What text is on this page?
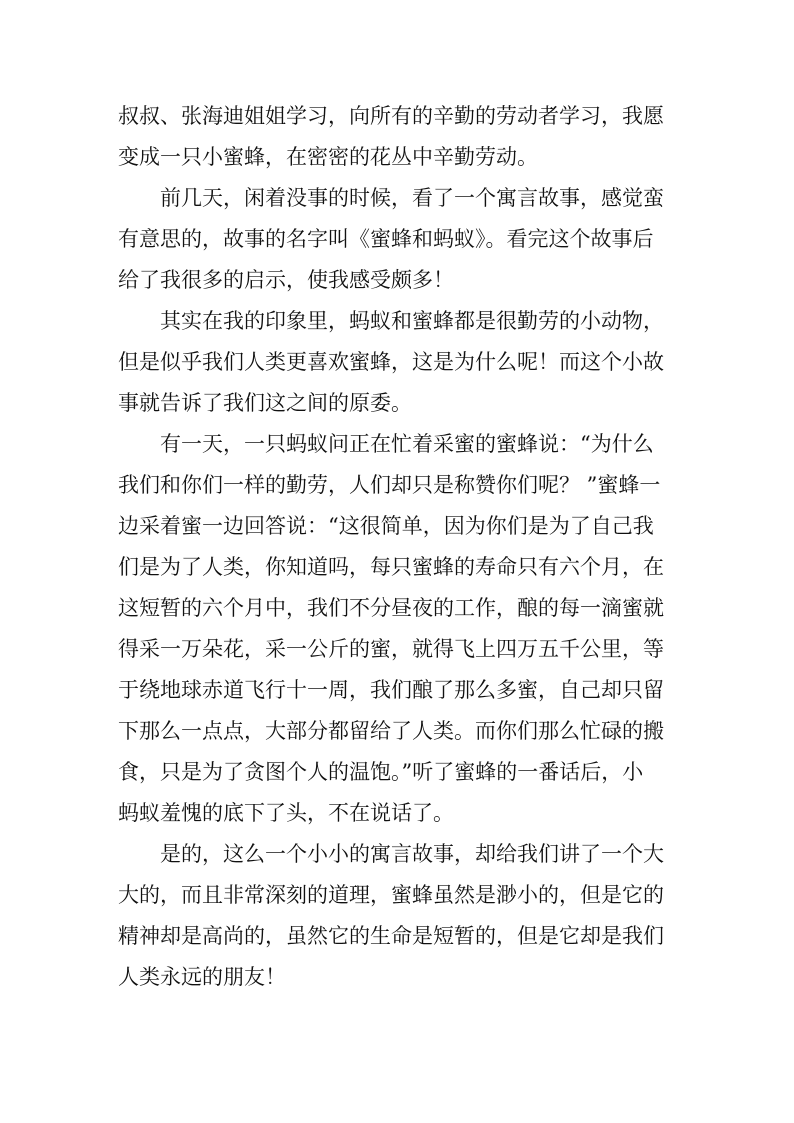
叔叔、张海迪姐姐学习，向所有的辛勤的劳动者学习，我愿
变成一只小蜜蜂，在密密的花丛中辛勤劳动。
前几天，闲着没事的时候，看了一个寓言故事，感觉蛮
有意思的，故事的名字叫《蜜蜂和蚂蚁》。看完这个故事后
给了我很多的启示，使我感受颇多！
其实在我的印象里，蚂蚁和蜜蜂都是很勤劳的小动物，
但是似乎我们人类更喜欢蜜蜂，这是为什么呢！而这个小故
事就告诉了我们这之间的原委。
有一天，一只蚂蚁问正在忙着采蜜的蜜蜂说：“为什么
我们和你们一样的勤劳，人们却只是称赞你们呢？ ”蜜蜂一
边采着蜜一边回答说：“这很简单，因为你们是为了自己我
们是为了人类，你知道吗，每只蜜蜂的寿命只有六个月，在
这短暂的六个月中，我们不分昼夜的工作，酿的每一滴蜜就
得采一万朵花，采一公斤的蜜，就得飞上四万五千公里，等
于绕地球赤道飞行十一周，我们酿了那么多蜜，自己却只留
下那么一点点，大部分都留给了人类。而你们那么忙碌的搬
食，只是为了贪图个人的温饱。”听了蜜蜂的一番话后，小
蚂蚁羞愧的底下了头，不在说话了。
是的，这么一个小小的寓言故事，却给我们讲了一个大
大的，而且非常深刻的道理，蜜蜂虽然是渺小的，但是它的
精神却是高尚的，虽然它的生命是短暂的，但是它却是我们
人类永远的朋友！
